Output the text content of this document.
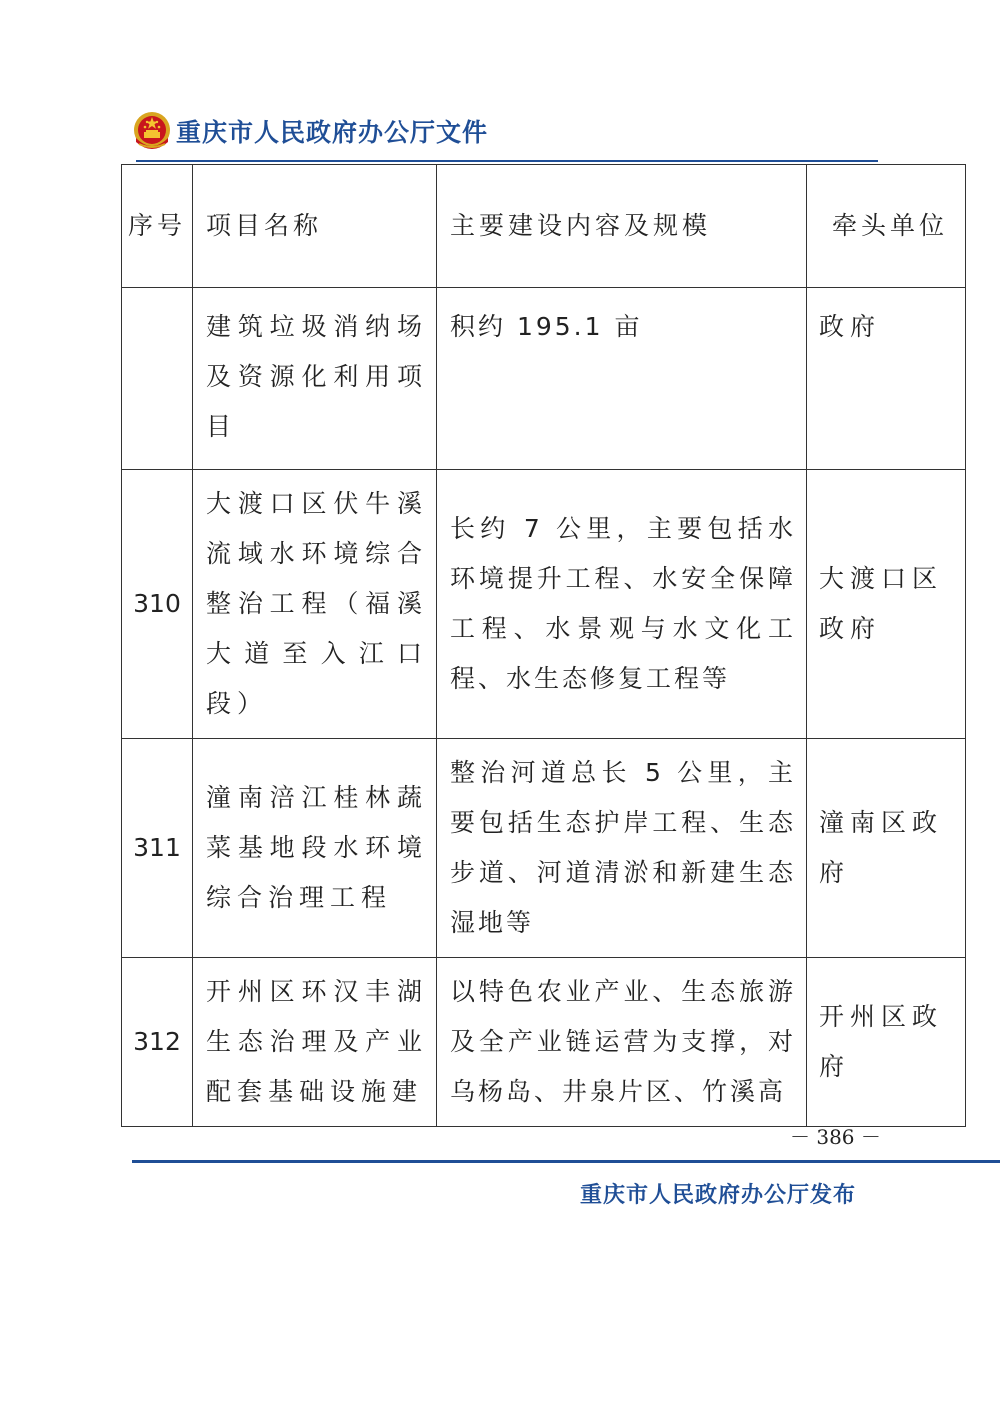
重庆市人民政府办公厅文件
序号	项目名称	主要建设内容及规模	牵头单位
	建筑垃圾消纳场及资源化利用项目	积约 195.1 亩	政府
310	大渡口区伏牛溪流域水环境综合整治工程（福溪大道至入江口段）	长约 7 公里，主要包括水环境提升工程、水安全保障工程、水景观与水文化工程、水生态修复工程等	大渡口区政府
311	潼南涪江桂林蔬菜基地段水环境综合治理工程	整治河道总长 5 公里，主要包括生态护岸工程、生态步道、河道清淤和新建生态湿地等	潼南区政府
312	开州区环汉丰湖生态治理及产业配套基础设施建	以特色农业产业、生态旅游及全产业链运营为支撑，对乌杨岛、井泉片区、竹溪高	开州区政府
－ 386 －
重庆市人民政府办公厅发布
